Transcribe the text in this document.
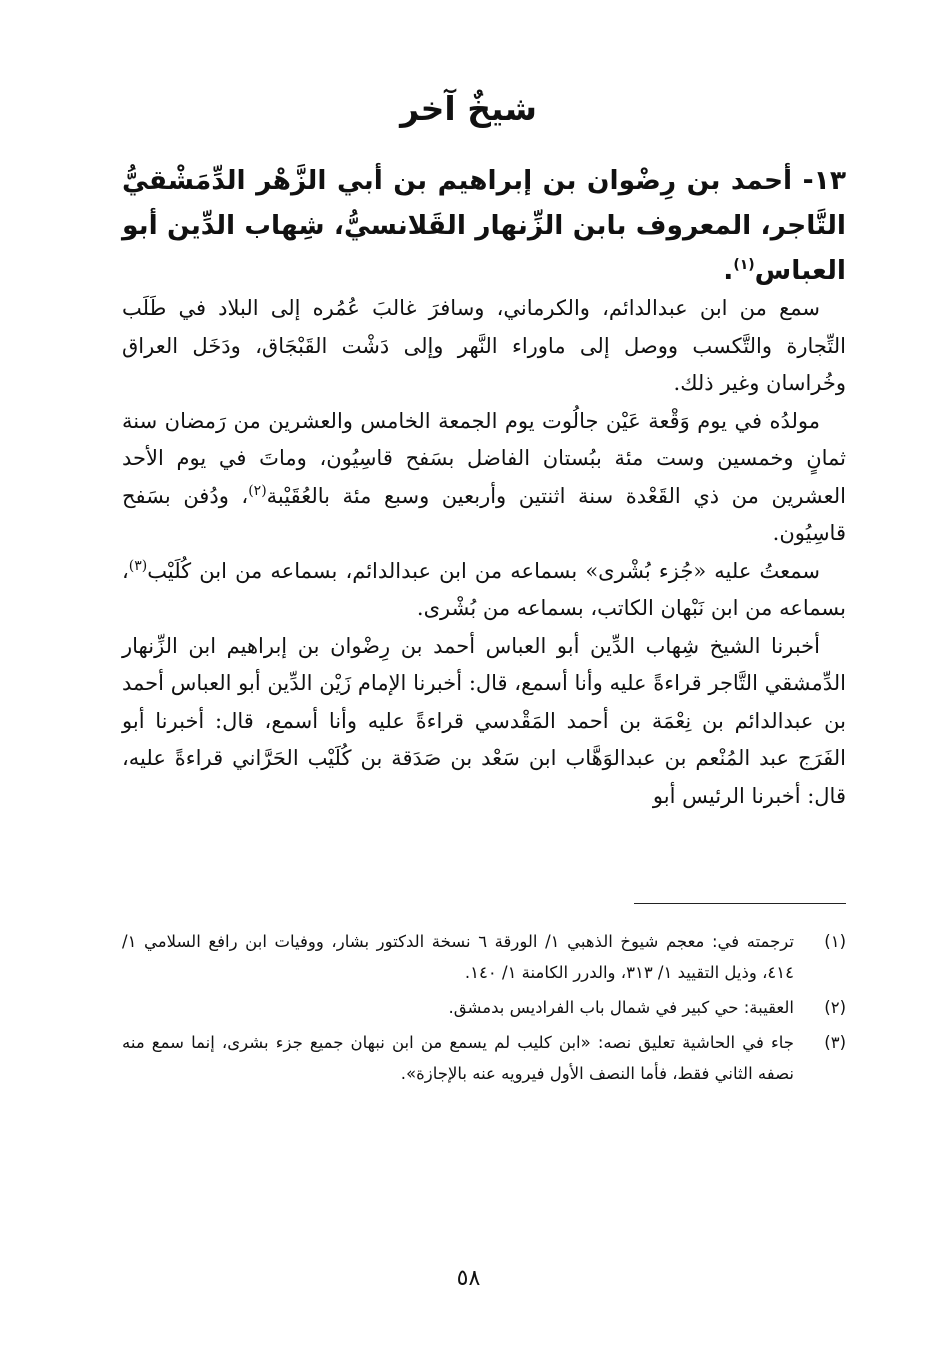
شيخٌ آخر
١٣- أحمد بن رِضْوان بن إبراهيم بن أبي الزَّهْر الدِّمَشْقيُّ التَّاجر، المعروف بابن الزِّنهار القَلانسيُّ، شِهاب الدِّين أبو العباس$^{(١)}$.

سمع من ابن عبدالدائم، والكرماني، وسافرَ غالبَ عُمُره إلى البلاد في طَلَب التِّجارة والتَّكسب ووصل إلى ماوراء النَّهر وإلى دَشْت القَبْجَاق، ودَخَل العراق وخُراسان وغير ذلك.

مولدُه في يوم وَقْعة عَيْن جالُوت يوم الجمعة الخامس والعشرين من رَمضان سنة ثمانٍ وخمسين وست مئة ببُستان الفاضل بسَفح قاسِيُون، وماتَ في يوم الأحد العشرين من ذي القَعْدة سنة اثنتين وأربعين وسبع مئة بالعُقَيْبة$^{(٢)}$، ودُفن بسَفح قاسِيُون.

سمعتُ عليه «جُزء بُشْرى» بسماعه من ابن عبدالدائم، بسماعه من ابن كُلَيْب$^{(٣)}$، بسماعه من ابن نَبْهان الكاتب، بسماعه من بُشْرى.

أخبرنا الشيخ شِهاب الدِّين أبو العباس أحمد بن رِضْوان بن إبراهيم ابن الزِّنهار الدِّمشقي التَّاجر قراءةً عليه وأنا أسمع، قال: أخبرنا الإمام زَيْن الدِّين أبو العباس أحمد بن عبدالدائم بن نِعْمَة بن أحمد المَقْدسي قراءةً عليه وأنا أسمع، قال: أخبرنا أبو الفَرَج عبد المُنْعم بن عبدالوَهَّاب ابن سَعْد بن صَدَقة بن كُلَيْب الحَرَّاني قراءةً عليه، قال: أخبرنا الرئيس أبو

(١)
ترجمته في: معجم شيوخ الذهبي ١/ الورقة ٦ نسخة الدكتور بشار، ووفيات ابن رافع السلامي ١/ ٤١٤، وذيل التقييد ١/ ٣١٣، والدرر الكامنة ١/ ١٤٠.
(٢)
العقيبة: حي كبير في شمال باب الفراديس بدمشق.
(٣)
جاء في الحاشية تعليق نصه: «ابن كليب لم يسمع من ابن نبهان جميع جزء بشرى، إنما سمع منه نصفه الثاني فقط، فأما النصف الأول فيرويه عنه بالإجازة».
٥٨
